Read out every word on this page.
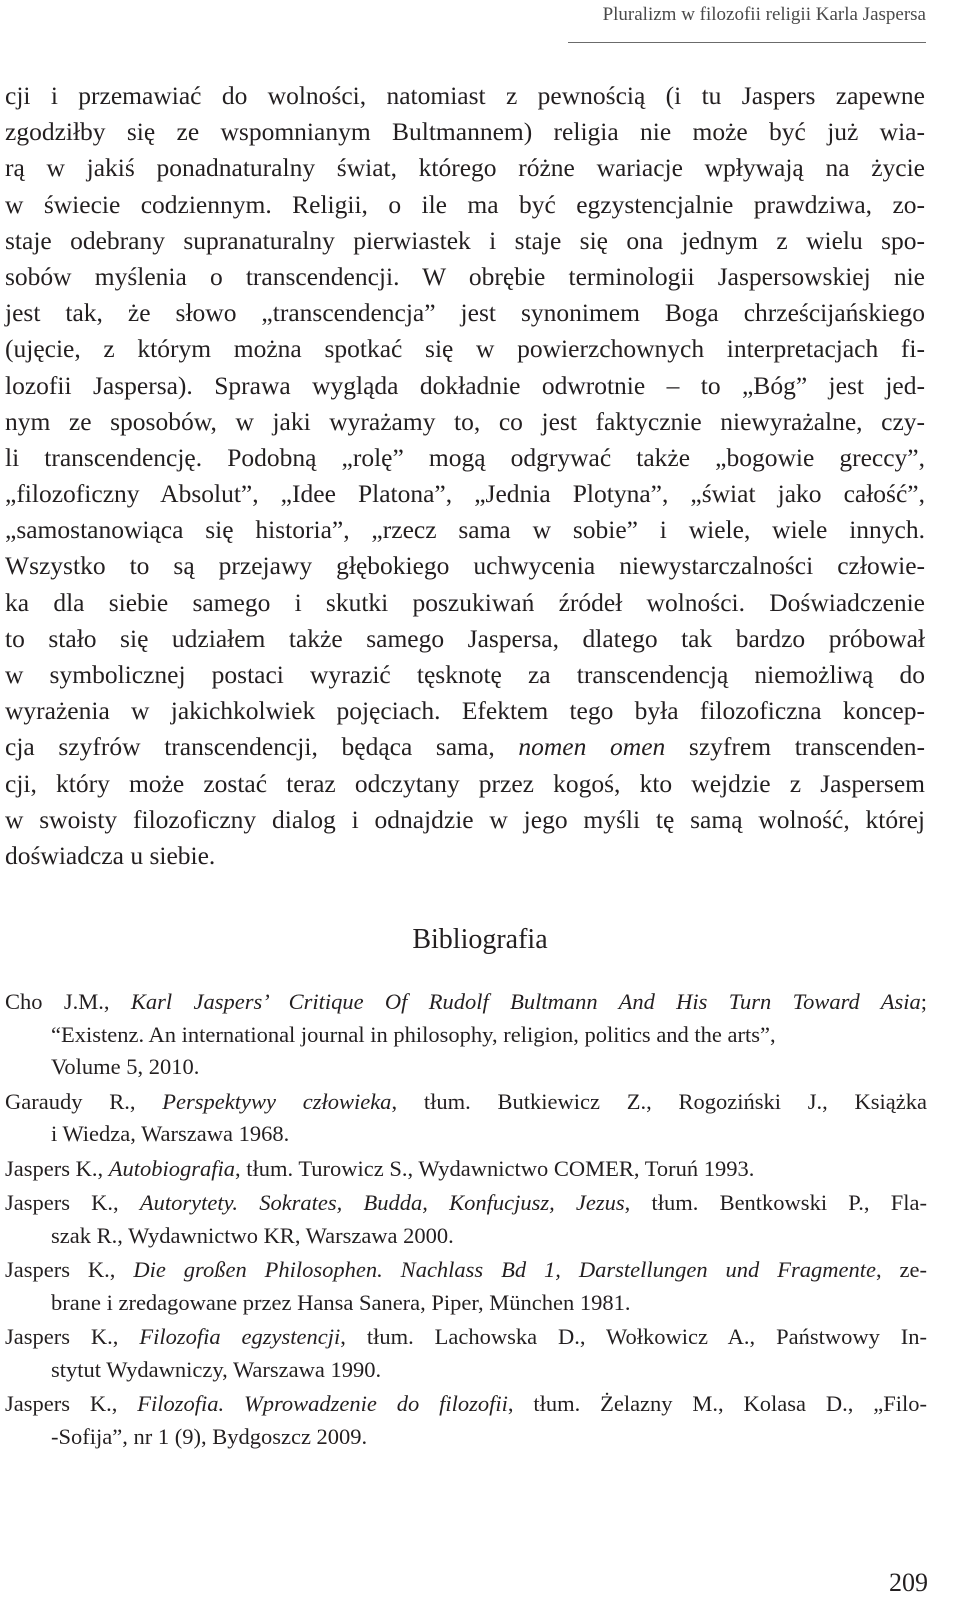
Pluralizm w filozofii religii Karla Jaspersa
cji i przemawiać do wolności, natomiast z pewnością (i tu Jaspers zapewne
zgodziłby się ze wspomnianym Bultmannem) religia nie może być już wia-
rą w jakiś ponadnaturalny świat, którego różne wariacje wpływają na życie
w świecie codziennym. Religii, o ile ma być egzystencjalnie prawdziwa, zo-
staje odebrany supranaturalny pierwiastek i staje się ona jednym z wielu spo-
sobów myślenia o transcendencji. W obrębie terminologii Jaspersowskiej nie
jest tak, że słowo „transcendencja” jest synonimem Boga chrześcijańskiego
(ujęcie, z którym można spotkać się w powierzchownych interpretacjach fi-
lozofii Jaspersa). Sprawa wygląda dokładnie odwrotnie – to „Bóg” jest jed-
nym ze sposobów, w jaki wyrażamy to, co jest faktycznie niewyrażalne, czy-
li transcendencję. Podobną „rolę” mogą odgrywać także „bogowie greccy”,
„filozoficzny Absolut”, „Idee Platona”, „Jednia Plotyna”, „świat jako całość”,
„samostanowiąca się historia”, „rzecz sama w sobie” i wiele, wiele innych.
Wszystko to są przejawy głębokiego uchwycenia niewystarczalności człowie-
ka dla siebie samego i skutki poszukiwań źródeł wolności. Doświadczenie
to stało się udziałem także samego Jaspersa, dlatego tak bardzo próbował
w symbolicznej postaci wyrazić tęsknotę za transcendencją niemożliwą do
wyrażenia w jakichkolwiek pojęciach. Efektem tego była filozoficzna koncep-
cja szyfrów transcendencji, będąca sama, nomen omen szyfrem transcenden-
cji, który może zostać teraz odczytany przez kogoś, kto wejdzie z Jaspersem
w swoisty filozoficzny dialog i odnajdzie w jego myśli tę samą wolność, której
doświadcza u siebie.
Bibliografia
Cho J.M., Karl Jaspers’ Critique Of Rudolf Bultmann And His Turn Toward Asia;
“Existenz. An international journal in philosophy, religion, politics and the arts”,
Volume 5, 2010.
Garaudy R., Perspektywy człowieka, tłum. Butkiewicz Z., Rogoziński J., Książka
i Wiedza, Warszawa 1968.
Jaspers K., Autobiografia, tłum. Turowicz S., Wydawnictwo COMER, Toruń 1993.
Jaspers K., Autorytety. Sokrates, Budda, Konfucjusz, Jezus, tłum. Bentkowski P., Fla-
szak R., Wydawnictwo KR, Warszawa 2000.
Jaspers K., Die großen Philosophen. Nachlass Bd 1, Darstellungen und Fragmente, ze-
brane i zredagowane przez Hansa Sanera, Piper, München 1981.
Jaspers K., Filozofia egzystencji, tłum. Lachowska D., Wołkowicz A., Państwowy In-
stytut Wydawniczy, Warszawa 1990.
Jaspers K., Filozofia. Wprowadzenie do filozofii, tłum. Żelazny M., Kolasa D., „Filo-
-Sofija”, nr 1 (9), Bydgoszcz 2009.
209
